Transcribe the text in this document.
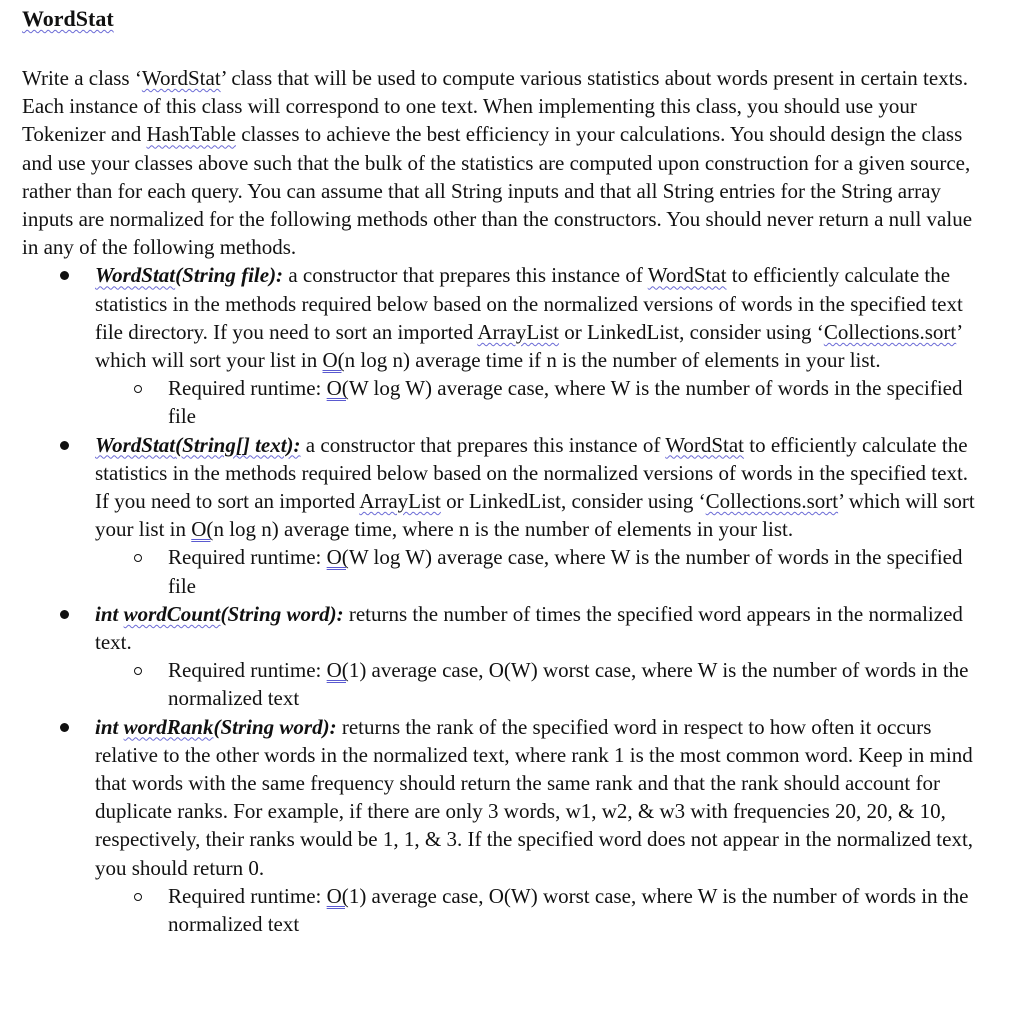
WordStat

Write a class ‘WordStat’ class that will be used to compute various statistics about words present in certain texts. Each instance of this class will correspond to one text. When implementing this class, you should use your Tokenizer and HashTable classes to achieve the best efficiency in your calculations. You should design the class and use your classes above such that the bulk of the statistics are computed upon construction for a given source, rather than for each query. You can assume that all String inputs and that all String entries for the String array inputs are normalized for the following methods other than the constructors. You should never return a null value in any of the following methods.

WordStat(String file): a constructor that prepares this instance of WordStat to efficiently calculate the statistics in the methods required below based on the normalized versions of words in the specified text file directory. If you need to sort an imported ArrayList or LinkedList, consider using ‘Collections.sort’ which will sort your list in O(n log n) average time if n is the number of elements in your list.
Required runtime: O(W log W) average case, where W is the number of words in the specified file
WordStat(String[] text): a constructor that prepares this instance of WordStat to efficiently calculate the statistics in the methods required below based on the normalized versions of words in the specified text. If you need to sort an imported ArrayList or LinkedList, consider using ‘Collections.sort’ which will sort your list in O(n log n) average time, where n is the number of elements in your list.
Required runtime: O(W log W) average case, where W is the number of words in the specified file
int wordCount(String word): returns the number of times the specified word appears in the normalized text.
Required runtime: O(1) average case, O(W) worst case, where W is the number of words in the normalized text
int wordRank(String word): returns the rank of the specified word in respect to how often it occurs relative to the other words in the normalized text, where rank 1 is the most common word. Keep in mind that words with the same frequency should return the same rank and that the rank should account for duplicate ranks. For example, if there are only 3 words, w1, w2, & w3 with frequencies 20, 20, & 10, respectively, their ranks would be 1, 1, & 3. If the specified word does not appear in the normalized text, you should return 0.
Required runtime: O(1) average case, O(W) worst case, where W is the number of words in the normalized text
